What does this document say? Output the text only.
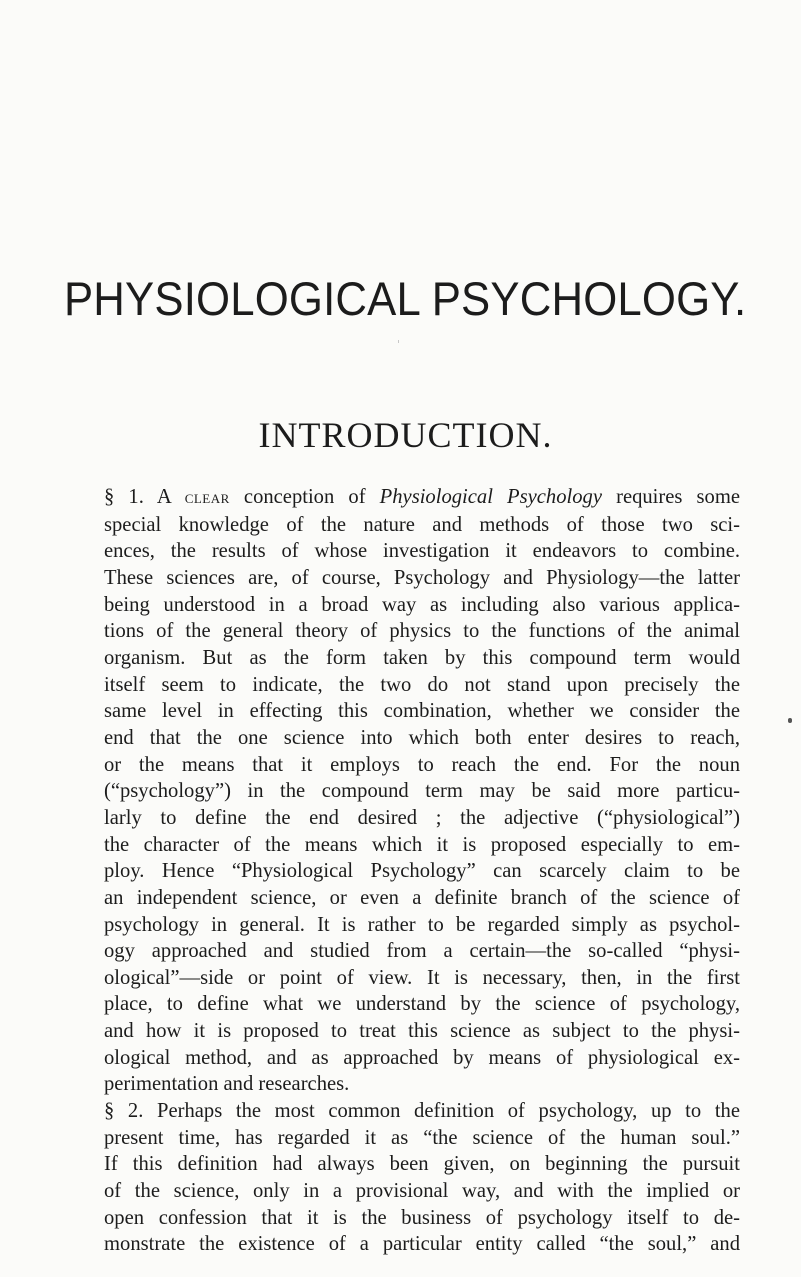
PHYSIOLOGICAL PSYCHOLOGY.
INTRODUCTION.
§ 1. A clear conception of Physiological Psychology requires some
special knowledge of the nature and methods of those two sci-
ences, the results of whose investigation it endeavors to combine.
These sciences are, of course, Psychology and Physiology—the latter
being understood in a broad way as including also various applica-
tions of the general theory of physics to the functions of the animal
organism. But as the form taken by this compound term would
itself seem to indicate, the two do not stand upon precisely the
same level in effecting this combination, whether we consider the
end that the one science into which both enter desires to reach,
or the means that it employs to reach the end. For the noun
(“psychology”) in the compound term may be said more particu-
larly to define the end desired ; the adjective (“physiological”)
the character of the means which it is proposed especially to em-
ploy. Hence “Physiological Psychology” can scarcely claim to be
an independent science, or even a definite branch of the science of
psychology in general. It is rather to be regarded simply as psychol-
ogy approached and studied from a certain—the so-called “physi-
ological”—side or point of view. It is necessary, then, in the first
place, to define what we understand by the science of psychology,
and how it is proposed to treat this science as subject to the physi-
ological method, and as approached by means of physiological ex-
perimentation and researches.
§ 2. Perhaps the most common definition of psychology, up to the
present time, has regarded it as “the science of the human soul.”
If this definition had always been given, on beginning the pursuit
of the science, only in a provisional way, and with the implied or
open confession that it is the business of psychology itself to de-
monstrate the existence of a particular entity called “the soul,” and
